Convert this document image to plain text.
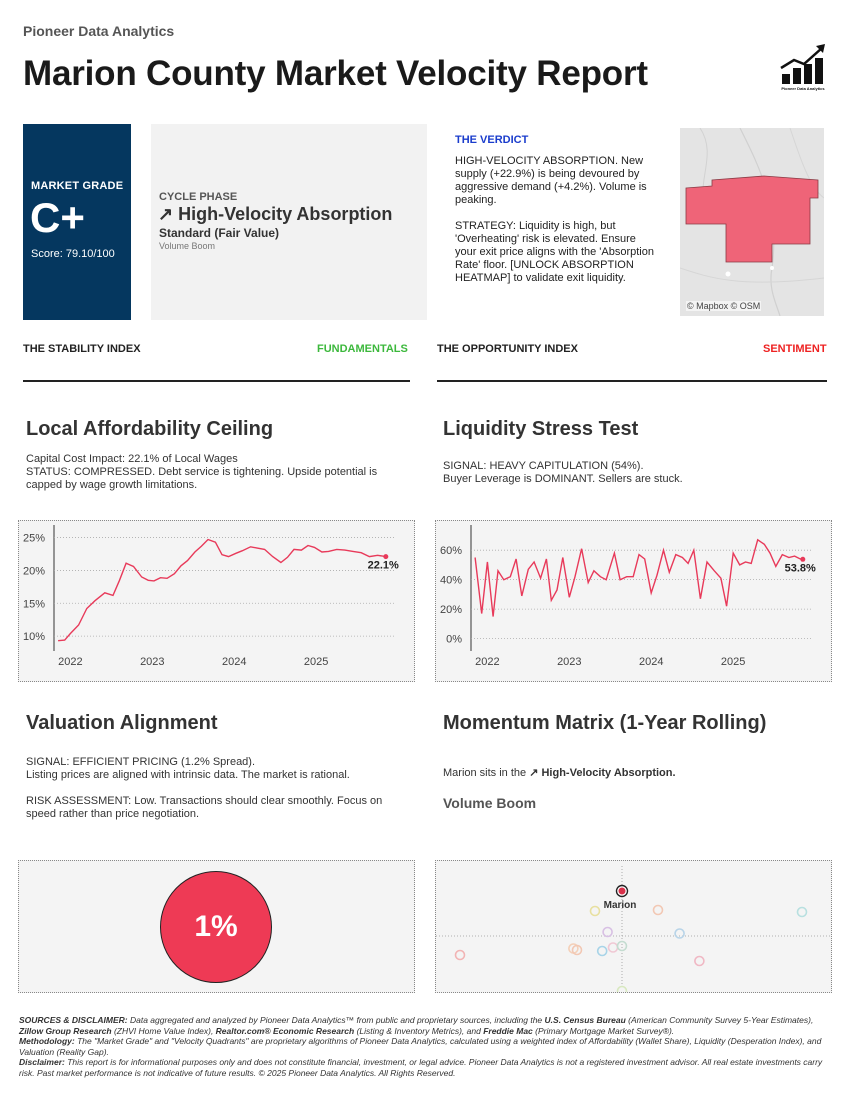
Pioneer Data Analytics
Marion County Market Velocity Report	Pioneer Data Analytics
MARKET GRADE
C+
Score: 79.10/100
CYCLE PHASE
↗ High-Velocity Absorption
Standard (Fair Value)
Volume Boom
THE VERDICT
HIGH-VELOCITY ABSORPTION. New supply (+22.9%) is being devoured by aggressive demand (+4.2%). Volume is peaking.
STRATEGY: Liquidity is high, but 'Overheating' risk is elevated. Ensure your exit price aligns with the 'Absorption Rate' floor. [UNLOCK ABSORPTION HEATMAP] to validate exit liquidity.
© Mapbox © OSM
THE STABILITY INDEX	FUNDAMENTALS	THE OPPORTUNITY INDEX	SENTIMENT
Local Affordability Ceiling
Capital Cost Impact: 22.1% of Local Wages
STATUS: COMPRESSED. Debt service is tightening. Upside potential is capped by wage growth limitations.
Liquidity Stress Test
SIGNAL: HEAVY CAPITULATION (54%).
Buyer Leverage is DOMINANT. Sellers are stuck.
10%
15%
20%
25%
2022	2023	2024	2025
22.1%
0%
20%
40%
60%
2022	2023	2024	2025
53.8%
Valuation Alignment
SIGNAL: EFFICIENT PRICING (1.2% Spread).
Listing prices are aligned with intrinsic data. The market is rational.
RISK ASSESSMENT: Low. Transactions should clear smoothly. Focus on speed rather than price negotiation.
Momentum Matrix (1-Year Rolling)
Marion sits in the ↗ High-Velocity Absorption.
Volume Boom
1%
Marion
SOURCES & DISCLAIMER: Data aggregated and analyzed by Pioneer Data Analytics™ from public and proprietary sources, including the U.S. Census Bureau (American Community Survey 5-Year Estimates), Zillow Group Research (ZHVI Home Value Index), Realtor.com® Economic Research (Listing & Inventory Metrics), and Freddie Mac (Primary Mortgage Market Survey®).
Methodology: The "Market Grade" and "Velocity Quadrants" are proprietary algorithms of Pioneer Data Analytics, calculated using a weighted index of Affordability (Wallet Share), Liquidity (Desperation Index), and Valuation (Reality Gap).
Disclaimer: This report is for informational purposes only and does not constitute financial, investment, or legal advice. Pioneer Data Analytics is not a registered investment advisor. All real estate investments carry risk. Past market performance is not indicative of future results. © 2025 Pioneer Data Analytics. All Rights Reserved.
